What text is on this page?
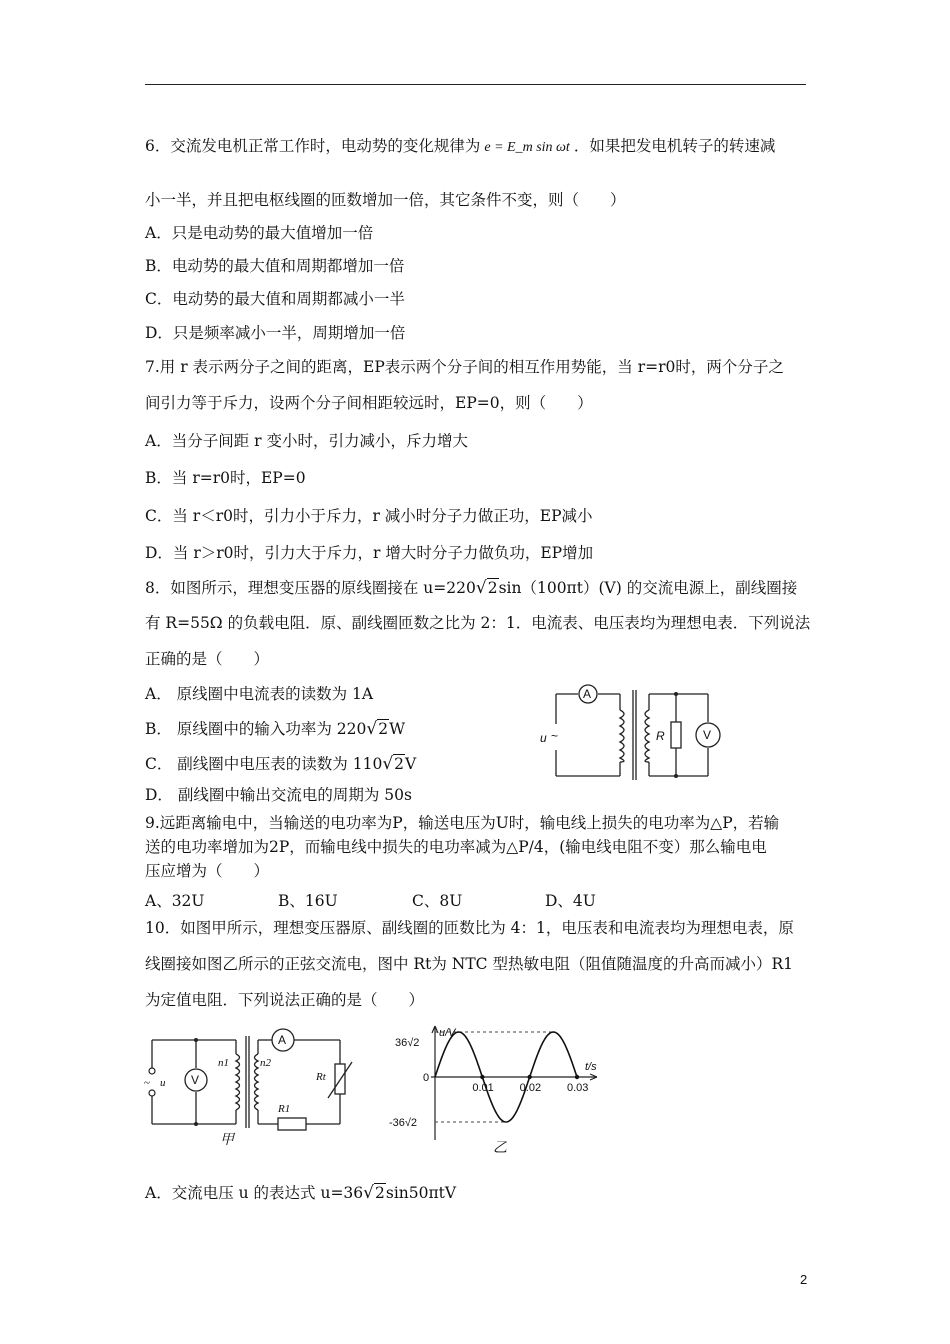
6．交流发电机正常工作时，电动势的变化规律为 e = E_m sin ωt ．如果把发电机转子的转速减
小一半，并且把电枢线圈的匝数增加一倍，其它条件不变，则（　　）
A．只是电动势的最大值增加一倍
B．电动势的最大值和周期都增加一倍
C．电动势的最大值和周期都减小一半
D．只是频率减小一半，周期增加一倍
7.用 r 表示两分子之间的距离，EP表示两个分子间的相互作用势能，当 r=r0时，两个分子之
间引力等于斥力，设两个分子间相距较远时，EP=0，则（　　）
A．当分子间距 r 变小时，引力减小，斥力增大
B．当 r=r0时，EP=0
C．当 r＜r0时，引力小于斥力，r 减小时分子力做正功，EP减小
D．当 r＞r0时，引力大于斥力，r 增大时分子力做负功，EP增加
8．如图所示，理想变压器的原线圈接在 u=220√2sin（100πt）(V) 的交流电源上，副线圈接
有 R=55Ω 的负载电阻．原、副线圈匝数之比为 2：1．电流表、电压表均为理想电表．下列说法
正确的是（　　）
A． 原线圈中电流表的读数为 1A
B． 原线圈中的输入功率为 220√2W
C． 副线圈中电压表的读数为 110√2V
D． 副线圈中输出交流电的周期为 50s
A
V
u ~	R
9.远距离输电中，当输送的电功率为P，输送电压为U时，输电线上损失的电功率为△P，若输
送的电功率增加为2P，而输电线中损失的电功率减为△P/4，(输电线电阻不变）那么输电电
压应增为（　　）
A、32U	B、16U	C、8U	D、4U
10．如图甲所示，理想变压器原、副线圈的匝数比为 4：1，电压表和电流表均为理想电表，原
线圈接如图乙所示的正弦交流电，图中 Rt为 NTC 型热敏电阻（阻值随温度的升高而减小）R1
为定值电阻．下列说法正确的是（　　）
~ u
n1	n2
Rt
R1
V
A
甲
u/V
t/s
36√2
0
-36√2
0.01 0.02 0.03
乙
A．交流电压 u 的表达式 u=36√2sin50πtV
2
